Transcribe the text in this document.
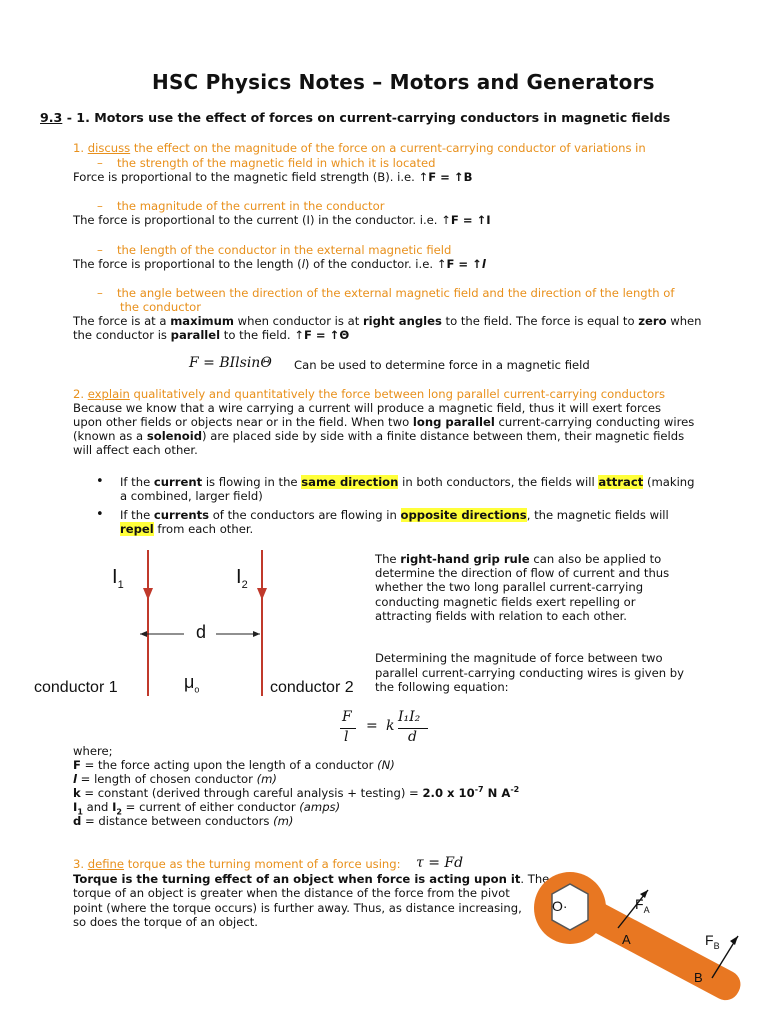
HSC Physics Notes – Motors and Generators
9.3 - 1. Motors use the effect of forces on current-carrying conductors in magnetic fields
1. discuss the effect on the magnitude of the force on a current-carrying conductor of variations in
– the strength of the magnetic field in which it is located
Force is proportional to the magnetic field strength (B). i.e. ↑F = ↑B
– the magnitude of the current in the conductor
The force is proportional to the current (I) in the conductor. i.e. ↑F = ↑I
– the length of the conductor in the external magnetic field
The force is proportional to the length (l) of the conductor. i.e. ↑F = ↑l
– the angle between the direction of the external magnetic field and the direction of the length of
the conductor
The force is at a maximum when conductor is at right angles to the field. The force is equal to zero when
the conductor is parallel to the field. ↑F = ↑Θ
F = BIlsinΘ Can be used to determine force in a magnetic field
2. explain qualitatively and quantitatively the force between long parallel current-carrying conductors
Because we know that a wire carrying a current will produce a magnetic field, thus it will exert forces
upon other fields or objects near or in the field. When two long parallel current-carrying conducting wires
(known as a solenoid) are placed side by side with a finite distance between them, their magnetic fields
will affect each other.
• If the current is flowing in the same direction in both conductors, the fields will attract (making
a combined, larger field)
• If the currents of the conductors are flowing in opposite directions, the magnetic fields will
repel from each other.
$I_1$	$I_2$
d
$\mu_o$
conductor 1	conductor 2
The right-hand grip rule can also be applied to
determine the direction of flow of current and thus
whether the two long parallel current-carrying
conducting magnetic fields exert repelling or
attracting fields with relation to each other.
Determining the magnitude of force between two
parallel current-carrying conducting wires is given by
the following equation:
F
l
= k
I₁I₂
d
where;
F = the force acting upon the length of a conductor (N)
l = length of chosen conductor (m)
k = constant (derived through careful analysis + testing) = 2.0 x $10^{-7}$ N $A^{-2}$
$I_1$ and $I_2$ = current of either conductor (amps)
d = distance between conductors (m)
3. define torque as the turning moment of a force using: τ = Fd
Torque is the turning effect of an object when force is acting upon it. The
torque of an object is greater when the distance of the force from the pivot
point (where the torque occurs) is further away. Thus, as distance increasing,
so does the torque of an object.
O·	$F_A$
$F_B$
A
B
